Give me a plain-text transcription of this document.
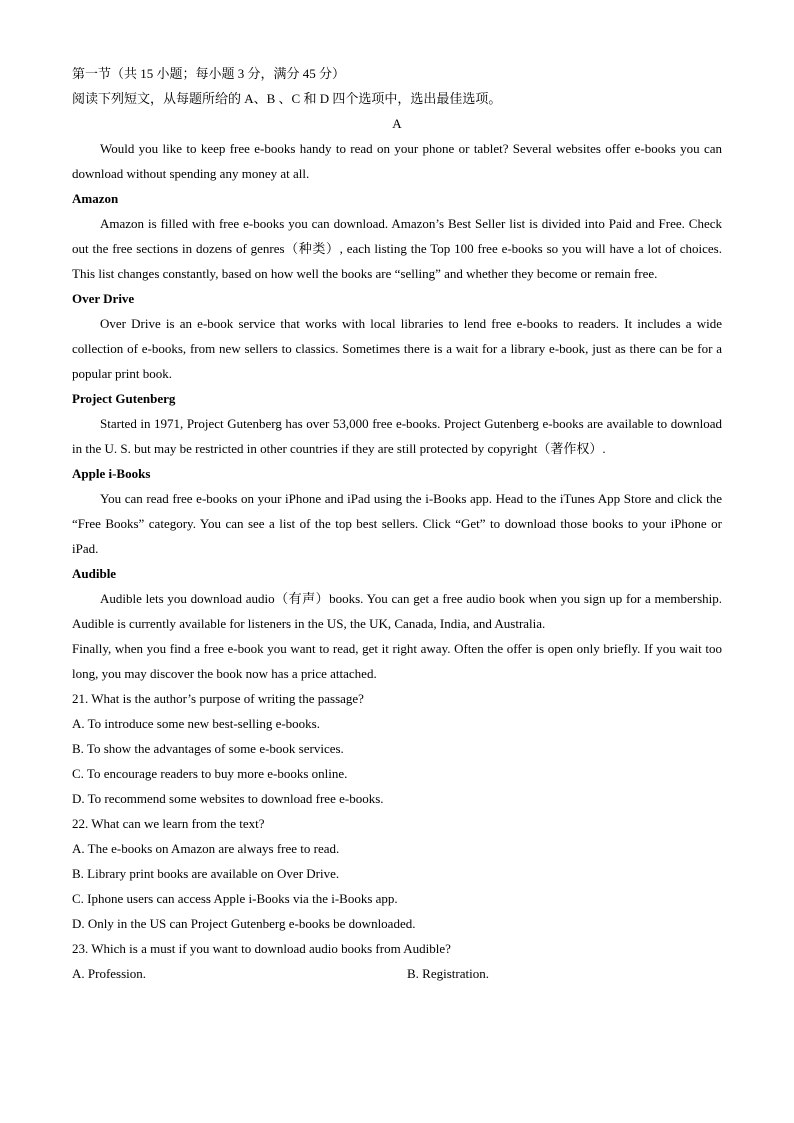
第一节（共 15 小题；每小题 3 分，满分 45 分）

阅读下列短文，从每题所给的 A、B 、C 和 D 四个选项中，选出最佳选项。

A

Would you like to keep free e-books handy to read on your phone or tablet? Several websites offer e-books you can download without spending any money at all.

Amazon

Amazon is filled with free e-books you can download. Amazon’s Best Seller list is divided into Paid and Free. Check out the free sections in dozens of genres（种类）, each listing the Top 100 free e-books so you will have a lot of choices. This list changes constantly, based on how well the books are “selling” and whether they become or remain free.

Over Drive

Over Drive is an e-book service that works with local libraries to lend free e-books to readers. It includes a wide collection of e-books, from new sellers to classics. Sometimes there is a wait for a library e-book, just as there can be for a popular print book.

Project Gutenberg

Started in 1971, Project Gutenberg has over 53,000 free e-books. Project Gutenberg e-books are available to download in the U. S. but may be restricted in other countries if they are still protected by copyright（著作权）.

Apple i-Books

You can read free e-books on your iPhone and iPad using the i-Books app. Head to the iTunes App Store and click the “Free Books” category. You can see a list of the top best sellers. Click “Get” to download those books to your iPhone or iPad.

Audible

Audible lets you download audio（有声）books. You can get a free audio book when you sign up for a membership. Audible is currently available for listeners in the US, the UK, Canada, India, and Australia.

Finally, when you find a free e-book you want to read, get it right away. Often the offer is open only briefly. If you wait too long, you may discover the book now has a price attached.

21. What is the author’s purpose of writing the passage?

A. To introduce some new best-selling e-books.

B. To show the advantages of some e-book services.

C. To encourage readers to buy more e-books online.

D. To recommend some websites to download free e-books.

22. What can we learn from the text?

A. The e-books on Amazon are always free to read.

B. Library print books are available on Over Drive.

C. Iphone users can access Apple i-Books via the i-Books app.

D. Only in the US can Project Gutenberg e-books be downloaded.

23. Which is a must if you want to download audio books from Audible?

A. Profession.	B. Registration.
